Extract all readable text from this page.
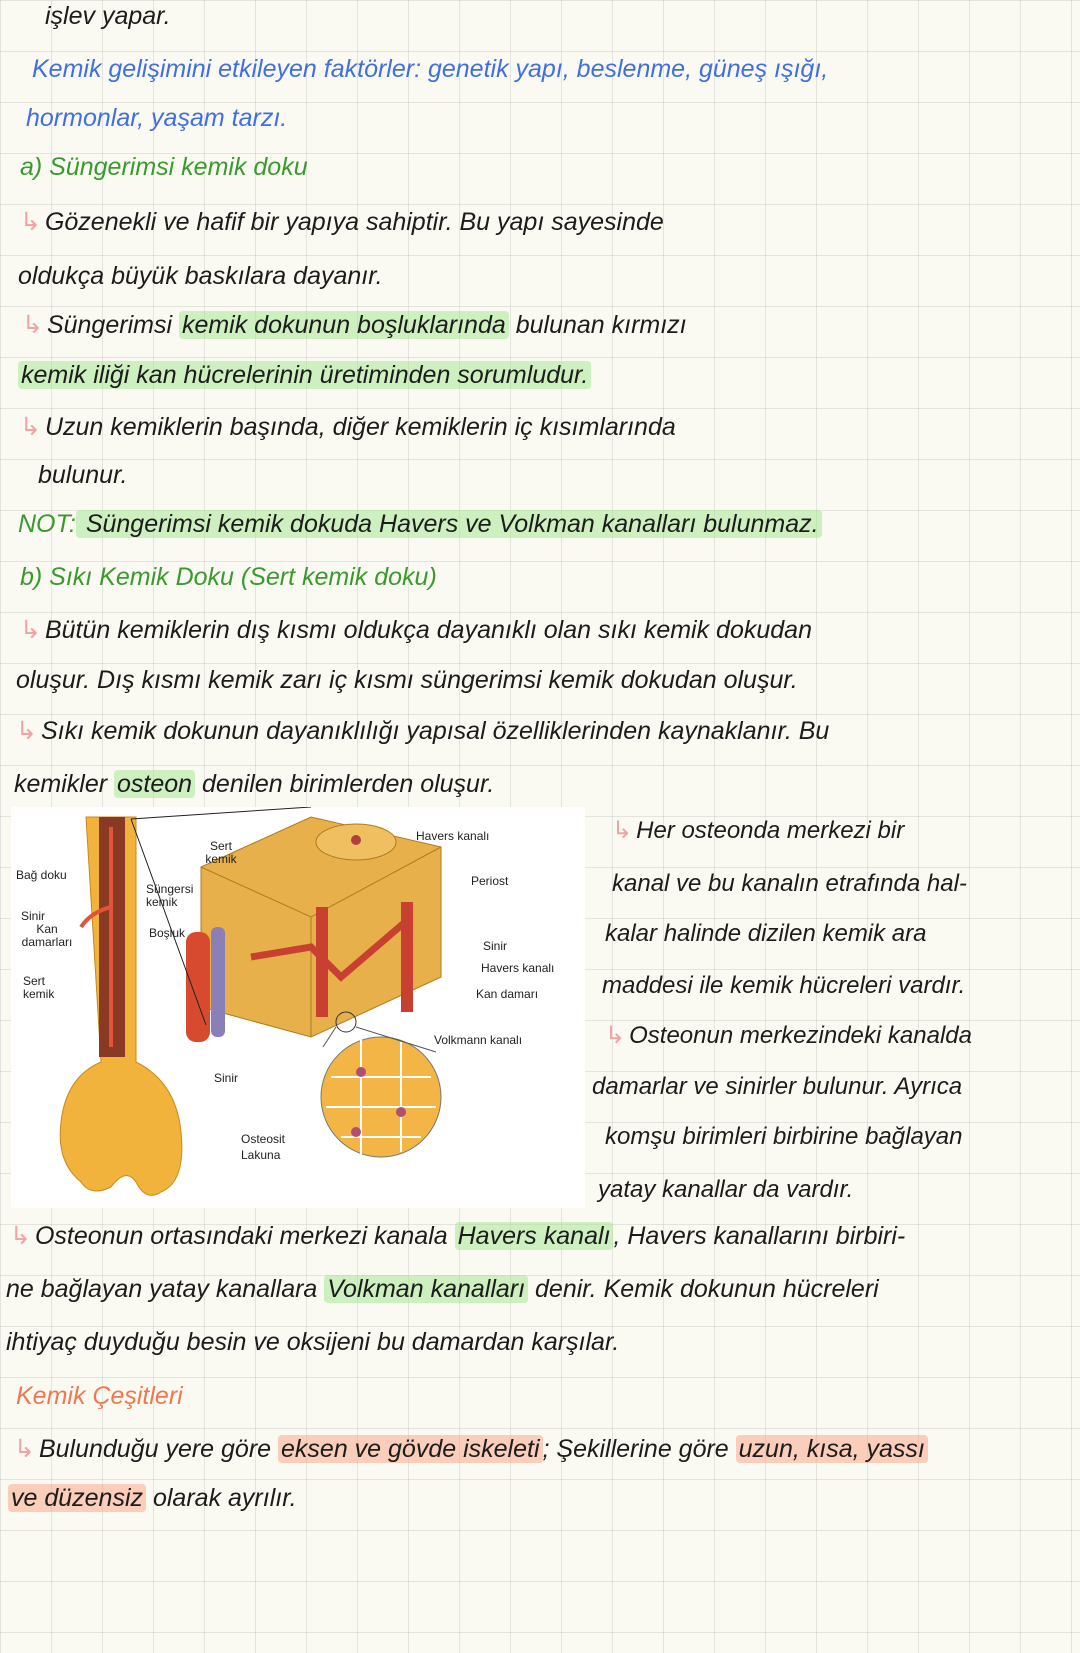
işlev yapar.
Kemik gelişimini etkileyen faktörler: genetik yapı, beslenme, güneş ışığı,
hormonlar, yaşam tarzı.
a) Süngerimsi kemik doku
↳ Gözenekli ve hafif bir yapıya sahiptir. Bu yapı sayesinde
oldukça büyük baskılara dayanır.
↳ Süngerimsi kemik dokunun boşluklarında bulunan kırmızı
kemik iliği kan hücrelerinin üretiminden sorumludur.
↳ Uzun kemiklerin başında, diğer kemiklerin iç kısımlarında
bulunur.
NOT: Süngerimsi kemik dokuda Havers ve Volkman kanalları bulunmaz.
b) Sıkı Kemik Doku (Sert kemik doku)
↳ Bütün kemiklerin dış kısmı oldukça dayanıklı olan sıkı kemik dokudan
oluşur. Dış kısmı kemik zarı iç kısmı süngerimsi kemik dokudan oluşur.
↳ Sıkı kemik dokunun dayanıklılığı yapısal özelliklerinden kaynaklanır. Bu
kemikler osteon denilen birimlerden oluşur.
↳ Her osteonda merkezi bir
kanal ve bu kanalın etrafında hal-
kalar halinde dizilen kemik ara
maddesi ile kemik hücreleri vardır.
↳ Osteonun merkezindeki kanalda
damarlar ve sinirler bulunur. Ayrıca
komşu birimleri birbirine bağlayan
yatay kanallar da vardır.
↳ Osteonun ortasındaki merkezi kanala Havers kanalı , Havers kanallarını birbiri-
ne bağlayan yatay kanallara Volkman kanalları denir. Kemik dokunun hücreleri
ihtiyaç duyduğu besin ve oksijeni bu damardan karşılar.
Kemik Çeşitleri
↳ Bulunduğu yere göre eksen ve gövde iskeleti ; Şekillerine göre uzun, kısa, yassı
ve düzensiz olarak ayrılır.
Bağ doku
Sinir
Kan damarları
Sert kemik
Sert kemik
Süngersi kemik
Boşluk
Havers kanalı
Periost
Sinir
Havers kanalı
Kan damarı
Volkmann kanalı
Sinir
Osteosit
Lakuna
